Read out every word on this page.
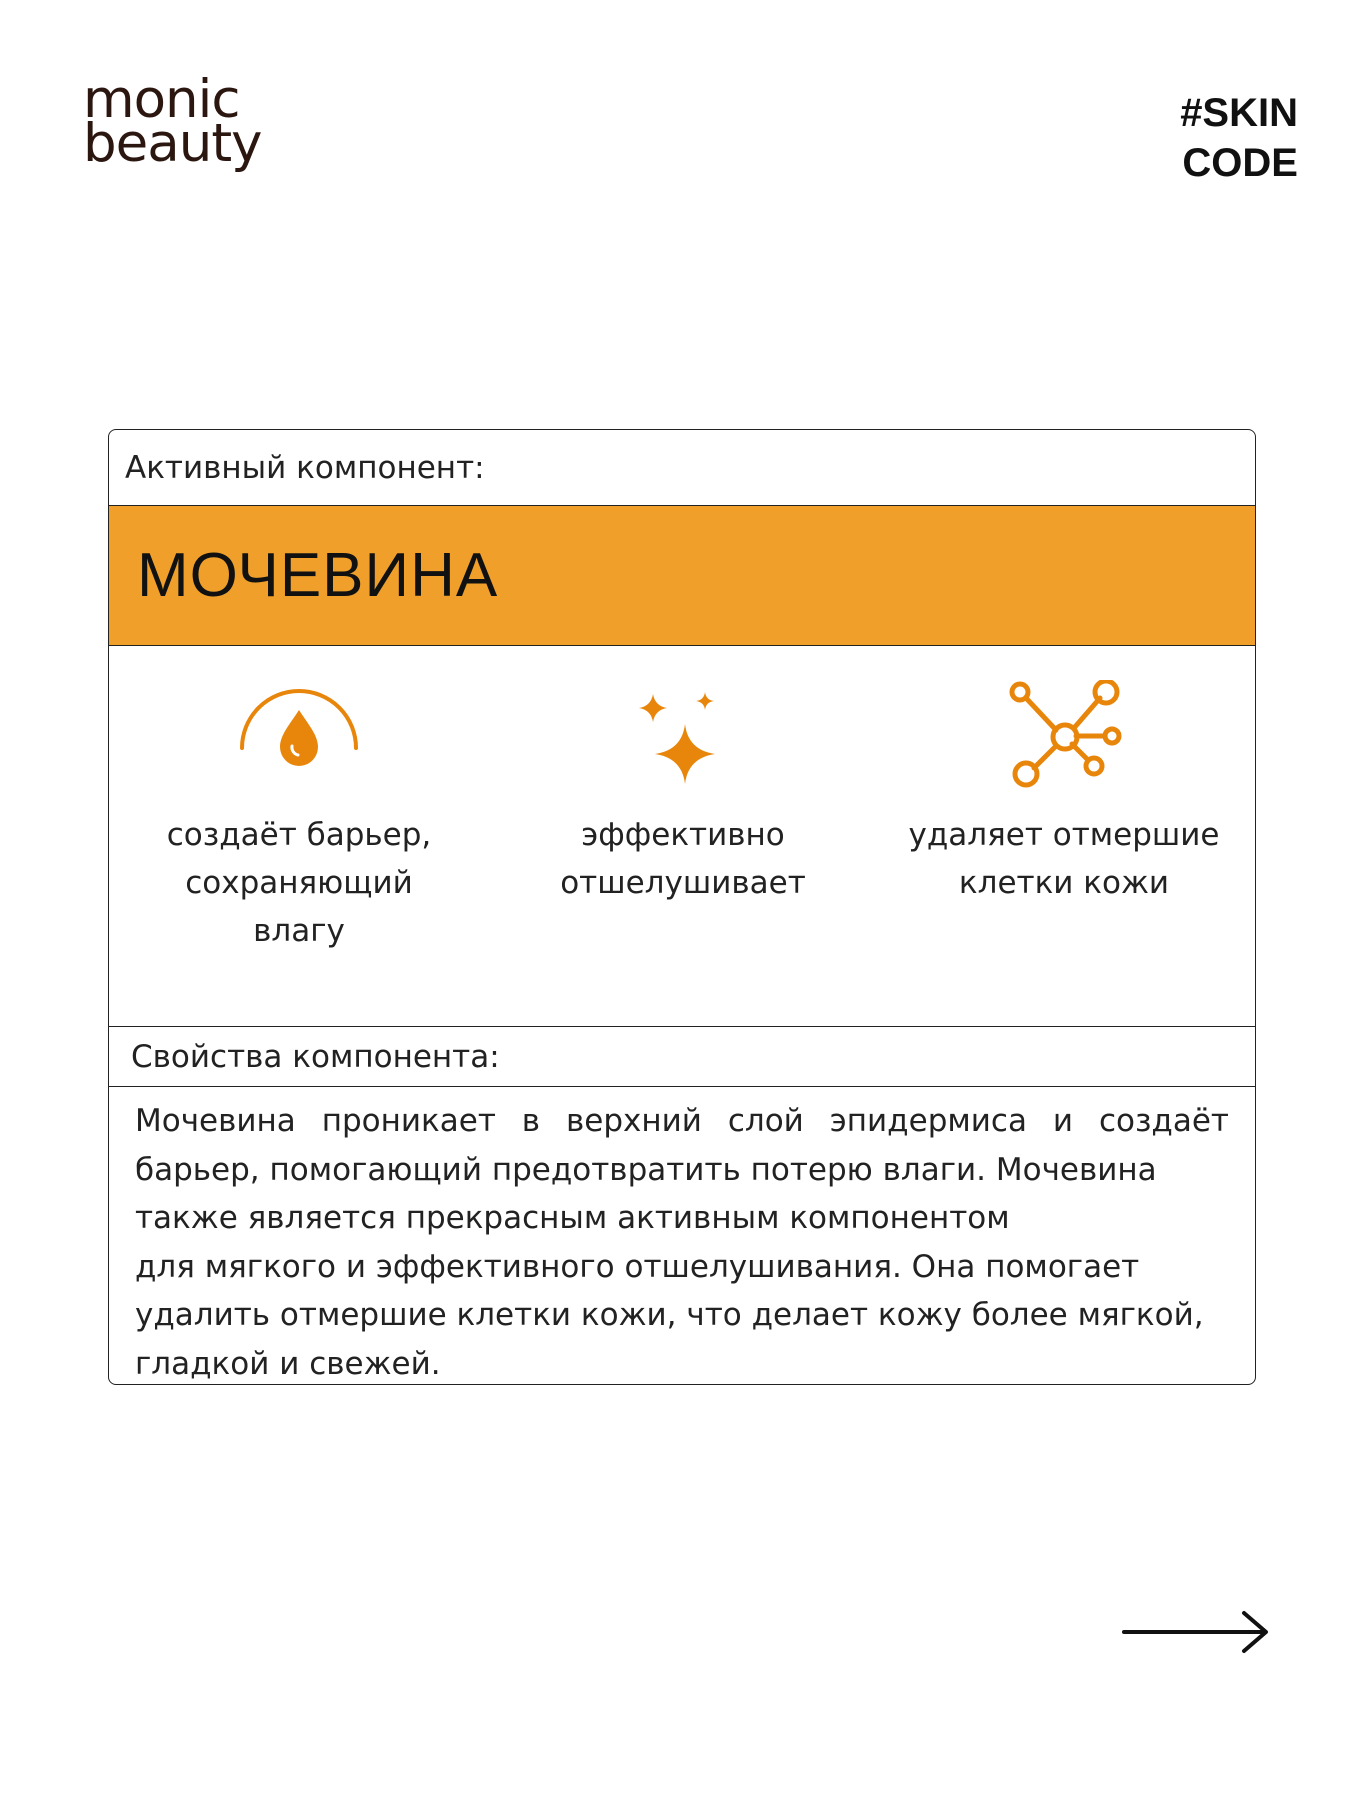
monic
beauty	#SKIN
CODE
Активный компонент:
МОЧЕВИНА
создаёт барьер,
сохраняющий
влагу
эффективно
отшелушивает
удаляет отмершие
клетки кожи
Свойства компонента:

Мочевина проникает в верхний слой эпидермиса и создаёт барьер, помогающий предотвратить потерю влаги. Мочевина

также является прекрасным активным компонентом

для мягкого и эффективного отшелушивания. Она помогает удалить отмершие клетки кожи, что делает кожу более мягкой, гладкой и свежей.
